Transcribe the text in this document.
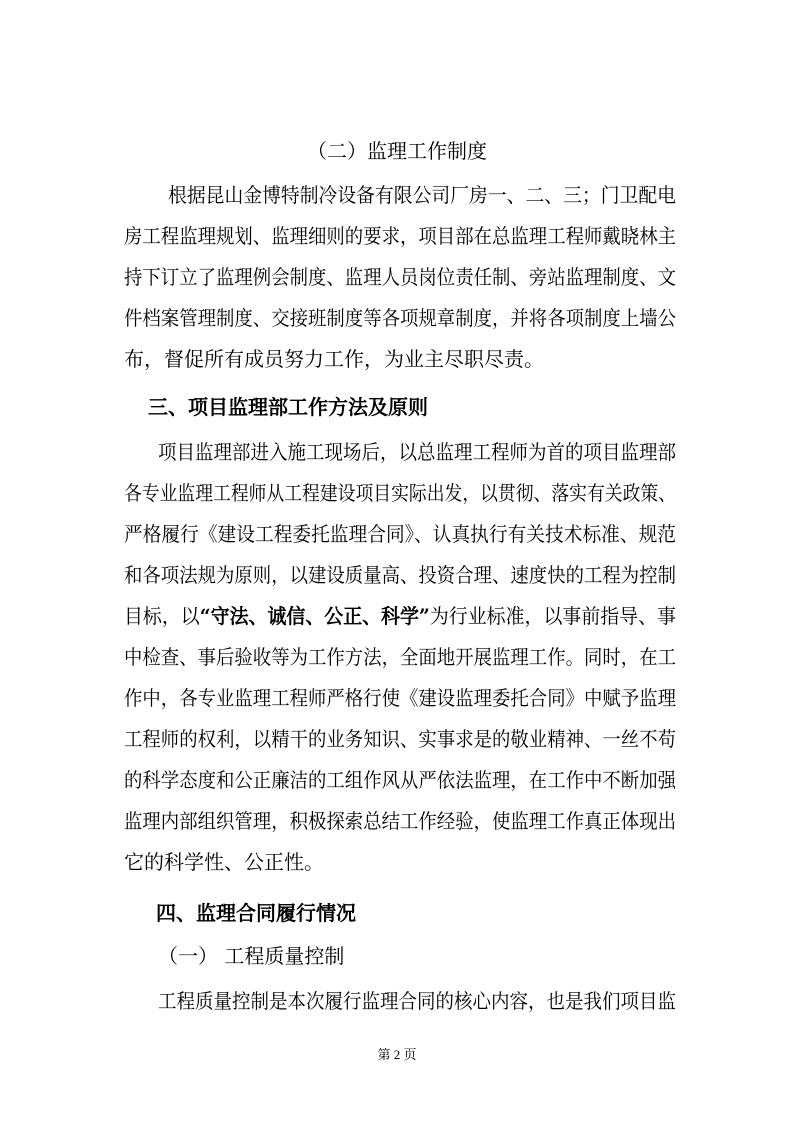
（二）监理工作制度
根据昆山金博特制冷设备有限公司厂房一、二、三；门卫配电
房工程监理规划、监理细则的要求，项目部在总监理工程师戴晓林主
持下订立了监理例会制度、监理人员岗位责任制、旁站监理制度、文
件档案管理制度、交接班制度等各项规章制度，并将各项制度上墙公
布，督促所有成员努力工作，为业主尽职尽责。
三、项目监理部工作方法及原则
项目监理部进入施工现场后，以总监理工程师为首的项目监理部
各专业监理工程师从工程建设项目实际出发，以贯彻、落实有关政策、
严格履行《建设工程委托监理合同》、认真执行有关技术标准、规范
和各项法规为原则，以建设质量高、投资合理、速度快的工程为控制
目标，以“守法、诚信、公正、科学”为行业标准，以事前指导、事
中检查、事后验收等为工作方法，全面地开展监理工作。同时，在工
作中，各专业监理工程师严格行使《建设监理委托合同》中赋予监理
工程师的权利，以精干的业务知识、实事求是的敬业精神、一丝不苟
的科学态度和公正廉洁的工组作风从严依法监理，在工作中不断加强
监理内部组织管理，积极探索总结工作经验，使监理工作真正体现出
它的科学性、公正性。
四、监理合同履行情况
（一） 工程质量控制
工程质量控制是本次履行监理合同的核心内容，也是我们项目监
第 2 页
